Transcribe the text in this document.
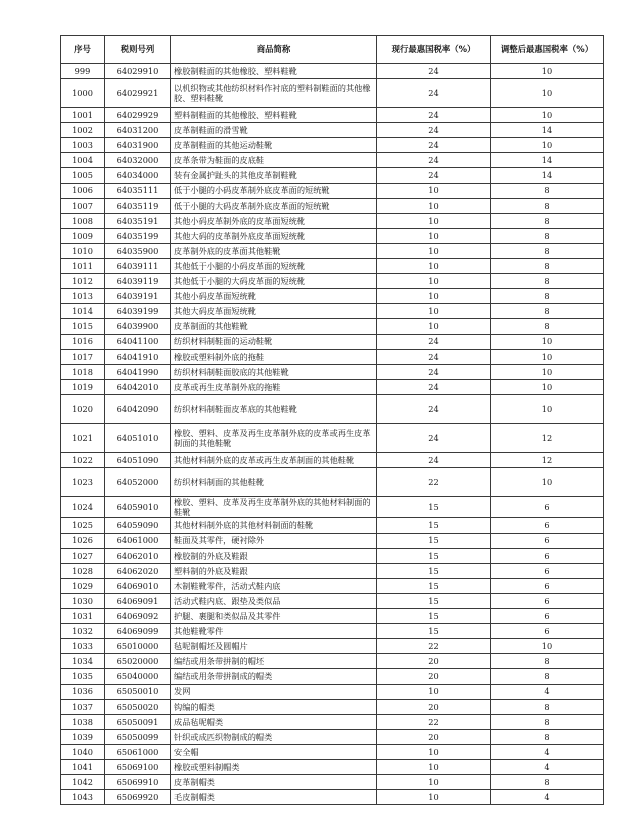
序号	税则号列	商品简称	现行最惠国税率（%）	调整后最惠国税率（%）
999	64029910	橡胶制鞋面的其他橡胶、塑料鞋靴	24	10
1000	64029921	以机织物或其他纺织材料作衬底的塑料制鞋面的其他橡胶、塑料鞋靴	24	10
1001	64029929	塑料制鞋面的其他橡胶、塑料鞋靴	24	10
1002	64031200	皮革制鞋面的滑雪靴	24	14
1003	64031900	皮革制鞋面的其他运动鞋靴	24	10
1004	64032000	皮革条带为鞋面的皮底鞋	24	14
1005	64034000	装有金属护趾头的其他皮革制鞋靴	24	14
1006	64035111	低于小腿的小码皮革制外底皮革面的短统靴	10	8
1007	64035119	低于小腿的大码皮革制外底皮革面的短统靴	10	8
1008	64035191	其他小码皮革制外底的皮革面短统靴	10	8
1009	64035199	其他大码的皮革制外底皮革面短统靴	10	8
1010	64035900	皮革制外底的皮革面其他鞋靴	10	8
1011	64039111	其他低于小腿的小码皮革面的短统靴	10	8
1012	64039119	其他低于小腿的大码皮革面的短统靴	10	8
1013	64039191	其他小码皮革面短统靴	10	8
1014	64039199	其他大码皮革面短统靴	10	8
1015	64039900	皮革制面的其他鞋靴	10	8
1016	64041100	纺织材料制鞋面的运动鞋靴	24	10
1017	64041910	橡胶或塑料制外底的拖鞋	24	10
1018	64041990	纺织材料制鞋面胶底的其他鞋靴	24	10
1019	64042010	皮革或再生皮革制外底的拖鞋	24	10
1020	64042090	纺织材料制鞋面皮革底的其他鞋靴	24	10
1021	64051010	橡胶、塑料、皮革及再生皮革制外底的皮革或再生皮革制面的其他鞋靴	24	12
1022	64051090	其他材料制外底的皮革或再生皮革制面的其他鞋靴	24	12
1023	64052000	纺织材料制面的其他鞋靴	22	10
1024	64059010	橡胶、塑料、皮革及再生皮革制外底的其他材料制面的鞋靴	15	6
1025	64059090	其他材料制外底的其他材料制面的鞋靴	15	6
1026	64061000	鞋面及其零件，硬衬除外	15	6
1027	64062010	橡胶制的外底及鞋跟	15	6
1028	64062020	塑料制的外底及鞋跟	15	6
1029	64069010	木制鞋靴零件，活动式鞋内底	15	6
1030	64069091	活动式鞋内底、跟垫及类似品	15	6
1031	64069092	护腿、裹腿和类似品及其零件	15	6
1032	64069099	其他鞋靴零件	15	6
1033	65010000	毡呢制帽坯及圆帽片	22	10
1034	65020000	编结或用条带拼制的帽坯	20	8
1035	65040000	编结或用条带拼制成的帽类	20	8
1036	65050010	发网	10	4
1037	65050020	钩编的帽类	20	8
1038	65050091	成品毡呢帽类	22	8
1039	65050099	针织或成匹织物制成的帽类	20	8
1040	65061000	安全帽	10	4
1041	65069100	橡胶或塑料制帽类	10	4
1042	65069910	皮革制帽类	10	8
1043	65069920	毛皮制帽类	10	4
